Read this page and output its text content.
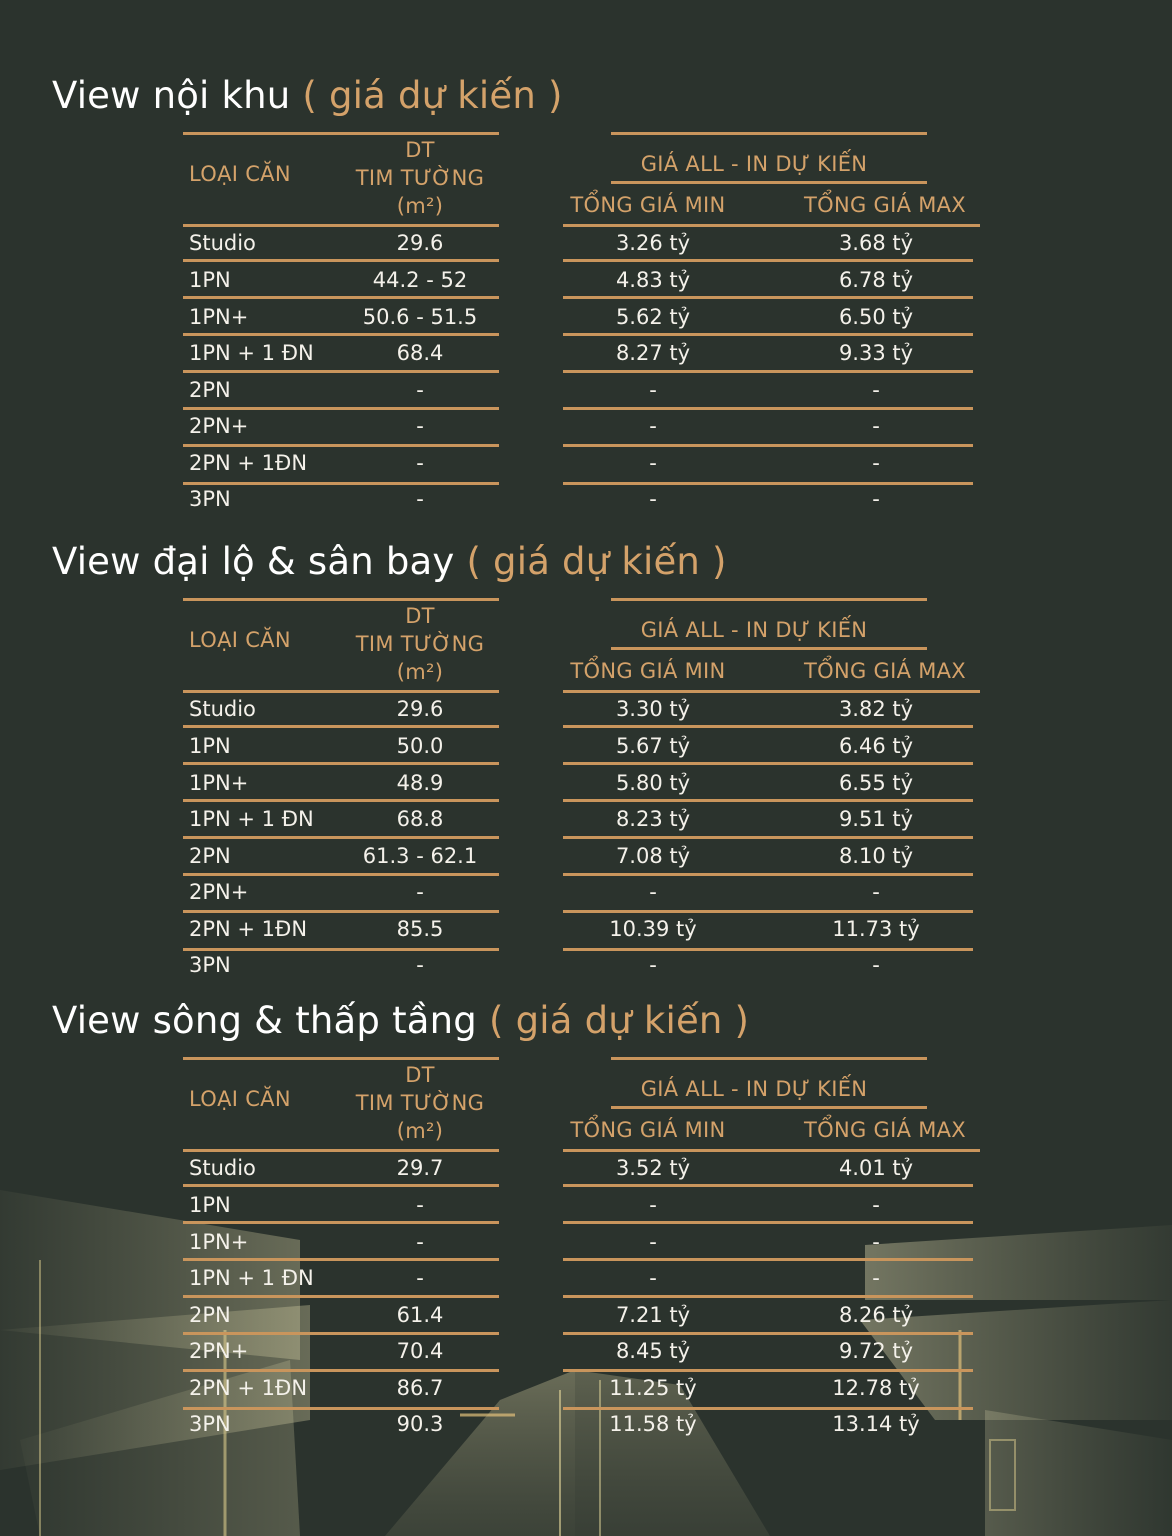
View nội khu ( giá dự kiến )
LOẠI CĂN
DT
TIM TƯỜNG
(m²)
GIÁ ALL - IN DỰ KIẾN
TỔNG GIÁ MIN	TỔNG GIÁ MAX
Studio	29.6	3.26 tỷ	3.68 tỷ
1PN	44.2 - 52	4.83 tỷ	6.78 tỷ
1PN+	50.6 - 51.5	5.62 tỷ	6.50 tỷ
1PN + 1 ĐN	68.4	8.27 tỷ	9.33 tỷ
2PN	-	-	-
2PN+	-	-	-
2PN + 1ĐN	-	-	-
3PN	-	-	-
View đại lộ & sân bay ( giá dự kiến )
LOẠI CĂN
DT
TIM TƯỜNG
(m²)
GIÁ ALL - IN DỰ KIẾN
TỔNG GIÁ MIN	TỔNG GIÁ MAX
Studio	29.6	3.30 tỷ	3.82 tỷ
1PN	50.0	5.67 tỷ	6.46 tỷ
1PN+	48.9	5.80 tỷ	6.55 tỷ
1PN + 1 ĐN	68.8	8.23 tỷ	9.51 tỷ
2PN	61.3 - 62.1	7.08 tỷ	8.10 tỷ
2PN+	-	-	-
2PN + 1ĐN	85.5	10.39 tỷ	11.73 tỷ
3PN	-	-	-
View sông & thấp tầng ( giá dự kiến )
LOẠI CĂN
DT
TIM TƯỜNG
(m²)
GIÁ ALL - IN DỰ KIẾN
TỔNG GIÁ MIN	TỔNG GIÁ MAX
Studio	29.7	3.52 tỷ	4.01 tỷ
1PN	-	-	-
1PN+	-	-	-
1PN + 1 ĐN	-	-	-
2PN	61.4	7.21 tỷ	8.26 tỷ
2PN+	70.4	8.45 tỷ	9.72 tỷ
2PN + 1ĐN	86.7	11.25 tỷ	12.78 tỷ
3PN	90.3	11.58 tỷ	13.14 tỷ
